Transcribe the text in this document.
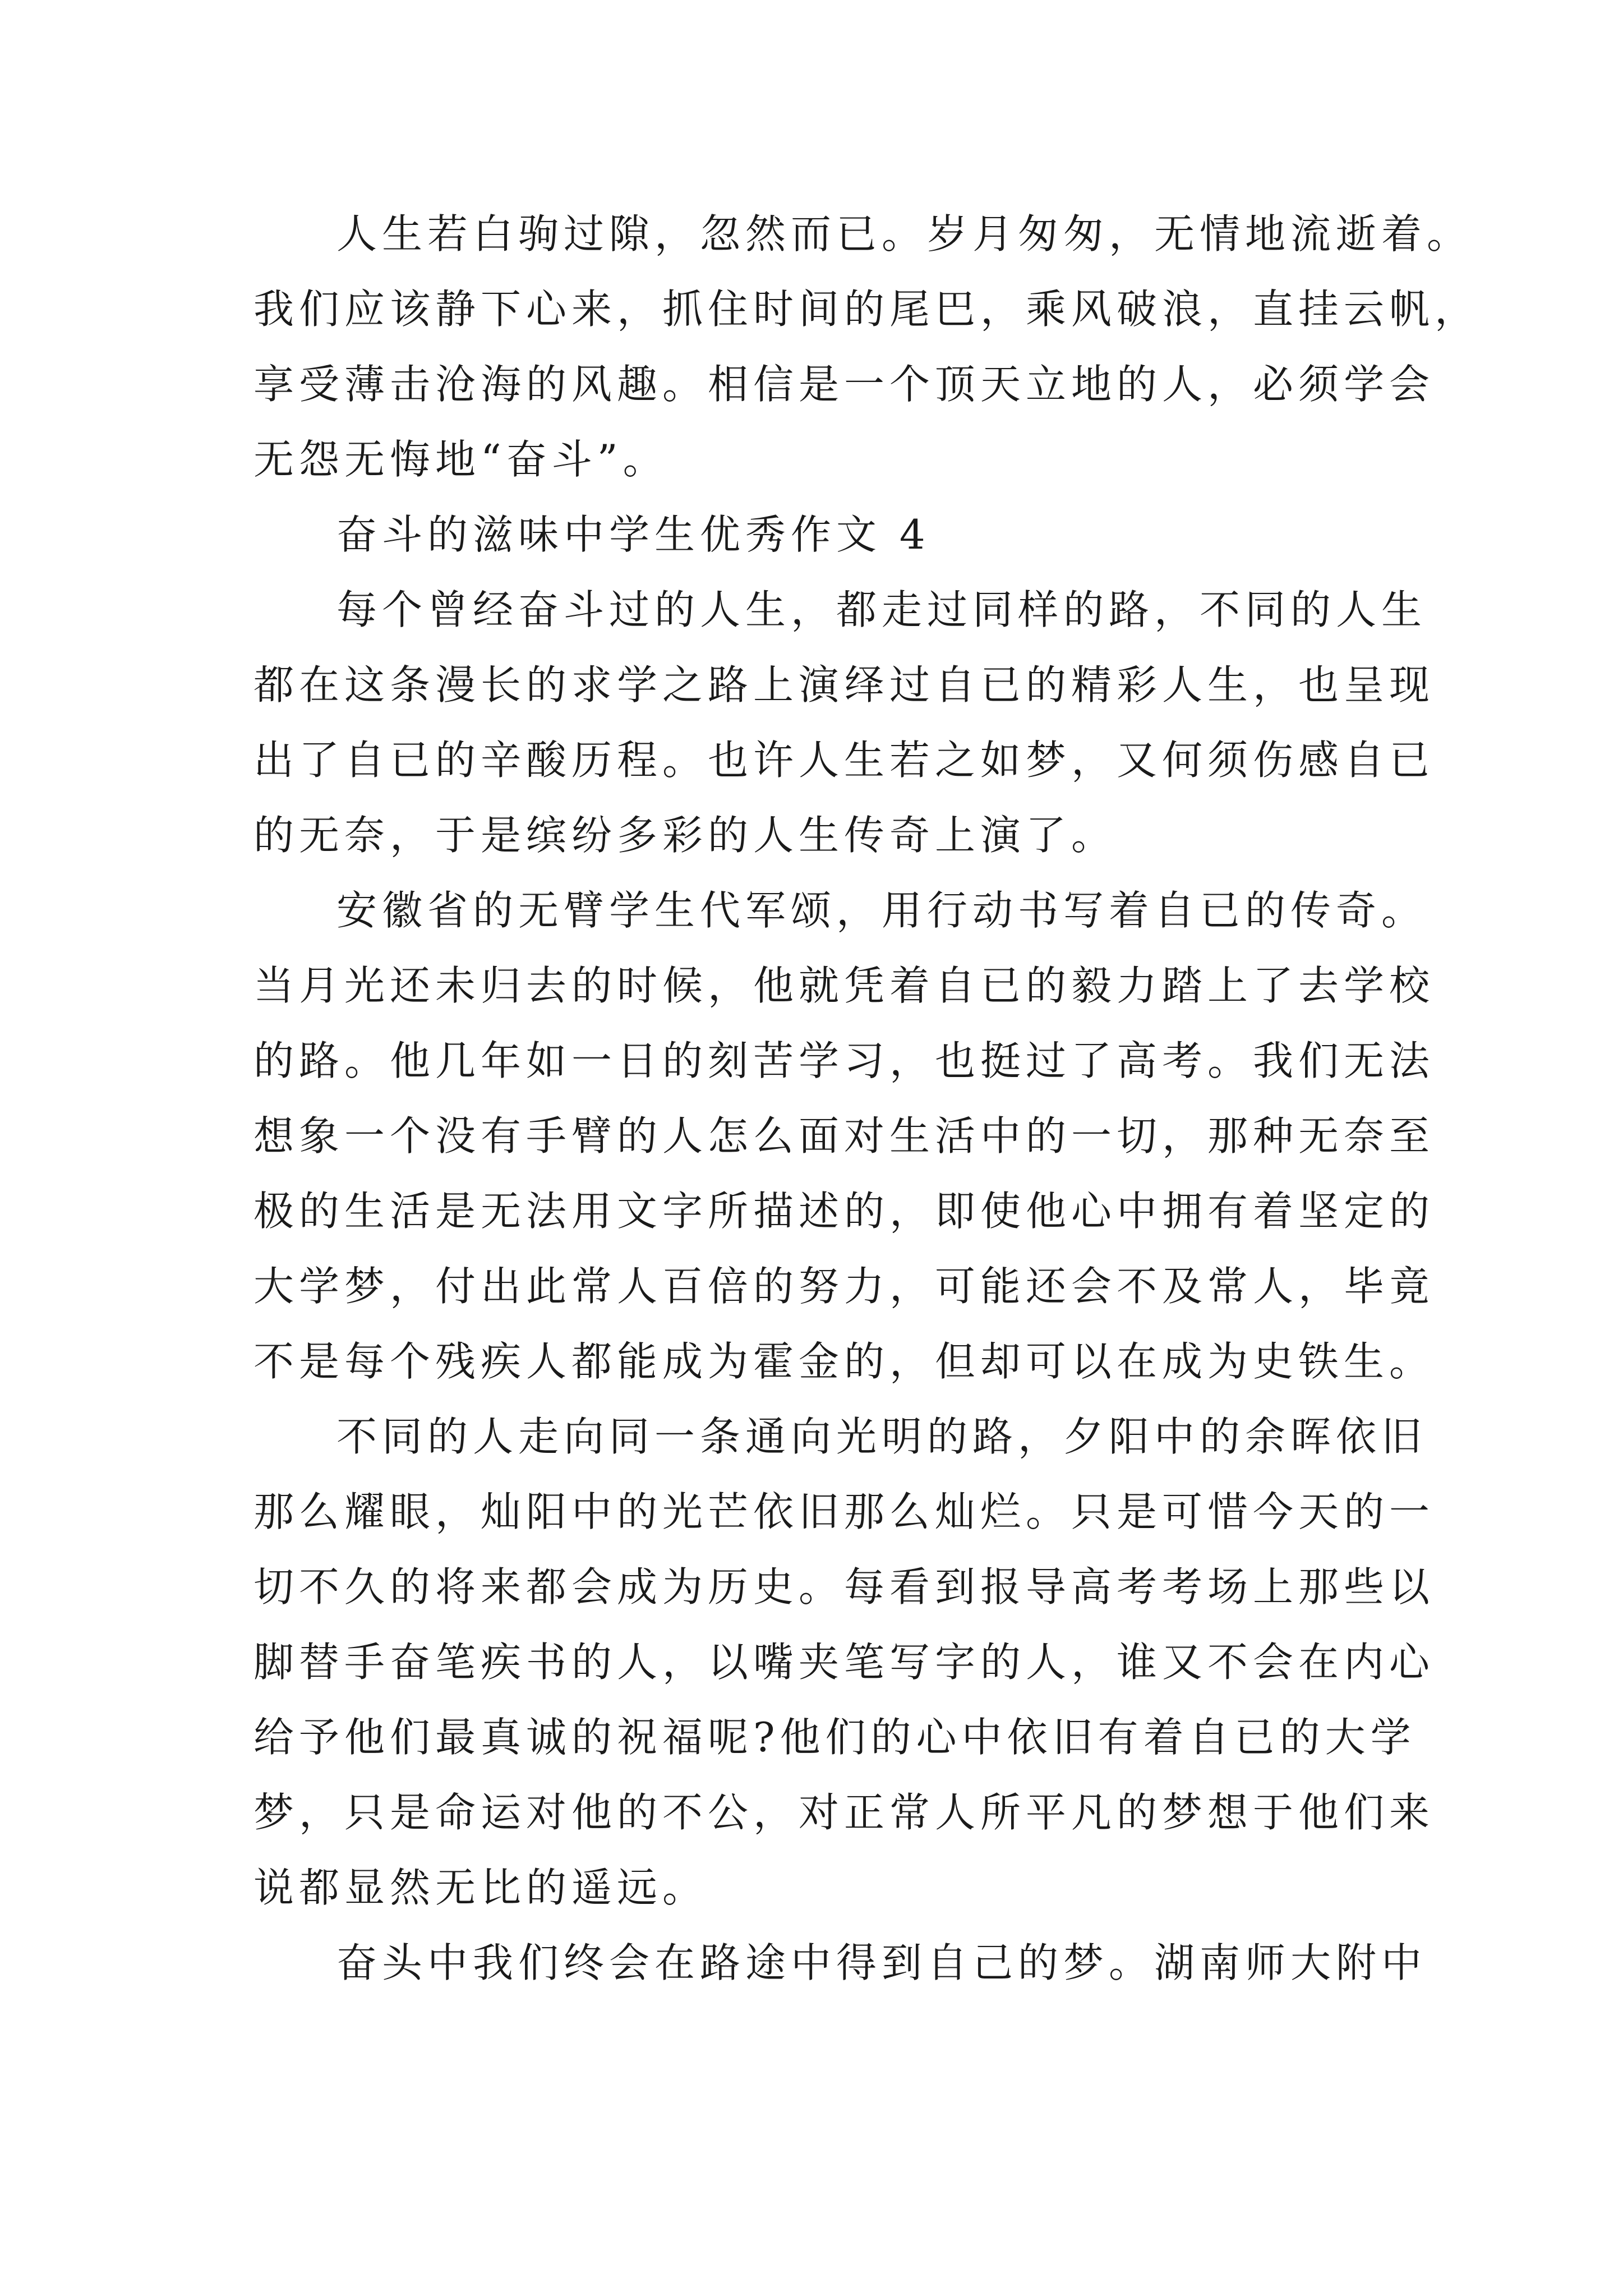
人生若白驹过隙，忽然而已。岁月匆匆，无情地流逝着。
我们应该静下心来，抓住时间的尾巴，乘风破浪，直挂云帆，
享受薄击沧海的风趣。相信是一个顶天立地的人，必须学会
无怨无悔地“奋斗”。
奋斗的滋味中学生优秀作文 4
每个曾经奋斗过的人生，都走过同样的路，不同的人生
都在这条漫长的求学之路上演绎过自已的精彩人生，也呈现
出了自已的辛酸历程。也许人生若之如梦，又何须伤感自已
的无奈，于是缤纷多彩的人生传奇上演了。
安徽省的无臂学生代军颂，用行动书写着自已的传奇。
当月光还未归去的时候，他就凭着自已的毅力踏上了去学校
的路。他几年如一日的刻苦学习，也挺过了高考。我们无法
想象一个没有手臂的人怎么面对生活中的一切，那种无奈至
极的生活是无法用文字所描述的，即使他心中拥有着坚定的
大学梦，付出此常人百倍的努力，可能还会不及常人，毕竟
不是每个残疾人都能成为霍金的，但却可以在成为史铁生。
不同的人走向同一条通向光明的路，夕阳中的余晖依旧
那么耀眼，灿阳中的光芒依旧那么灿烂。只是可惜今天的一
切不久的将来都会成为历史。每看到报导高考考场上那些以
脚替手奋笔疾书的人，以嘴夹笔写字的人，谁又不会在内心
给予他们最真诚的祝福呢?他们的心中依旧有着自已的大学
梦，只是命运对他的不公，对正常人所平凡的梦想于他们来
说都显然无比的遥远。
奋头中我们终会在路途中得到自己的梦。湖南师大附中
